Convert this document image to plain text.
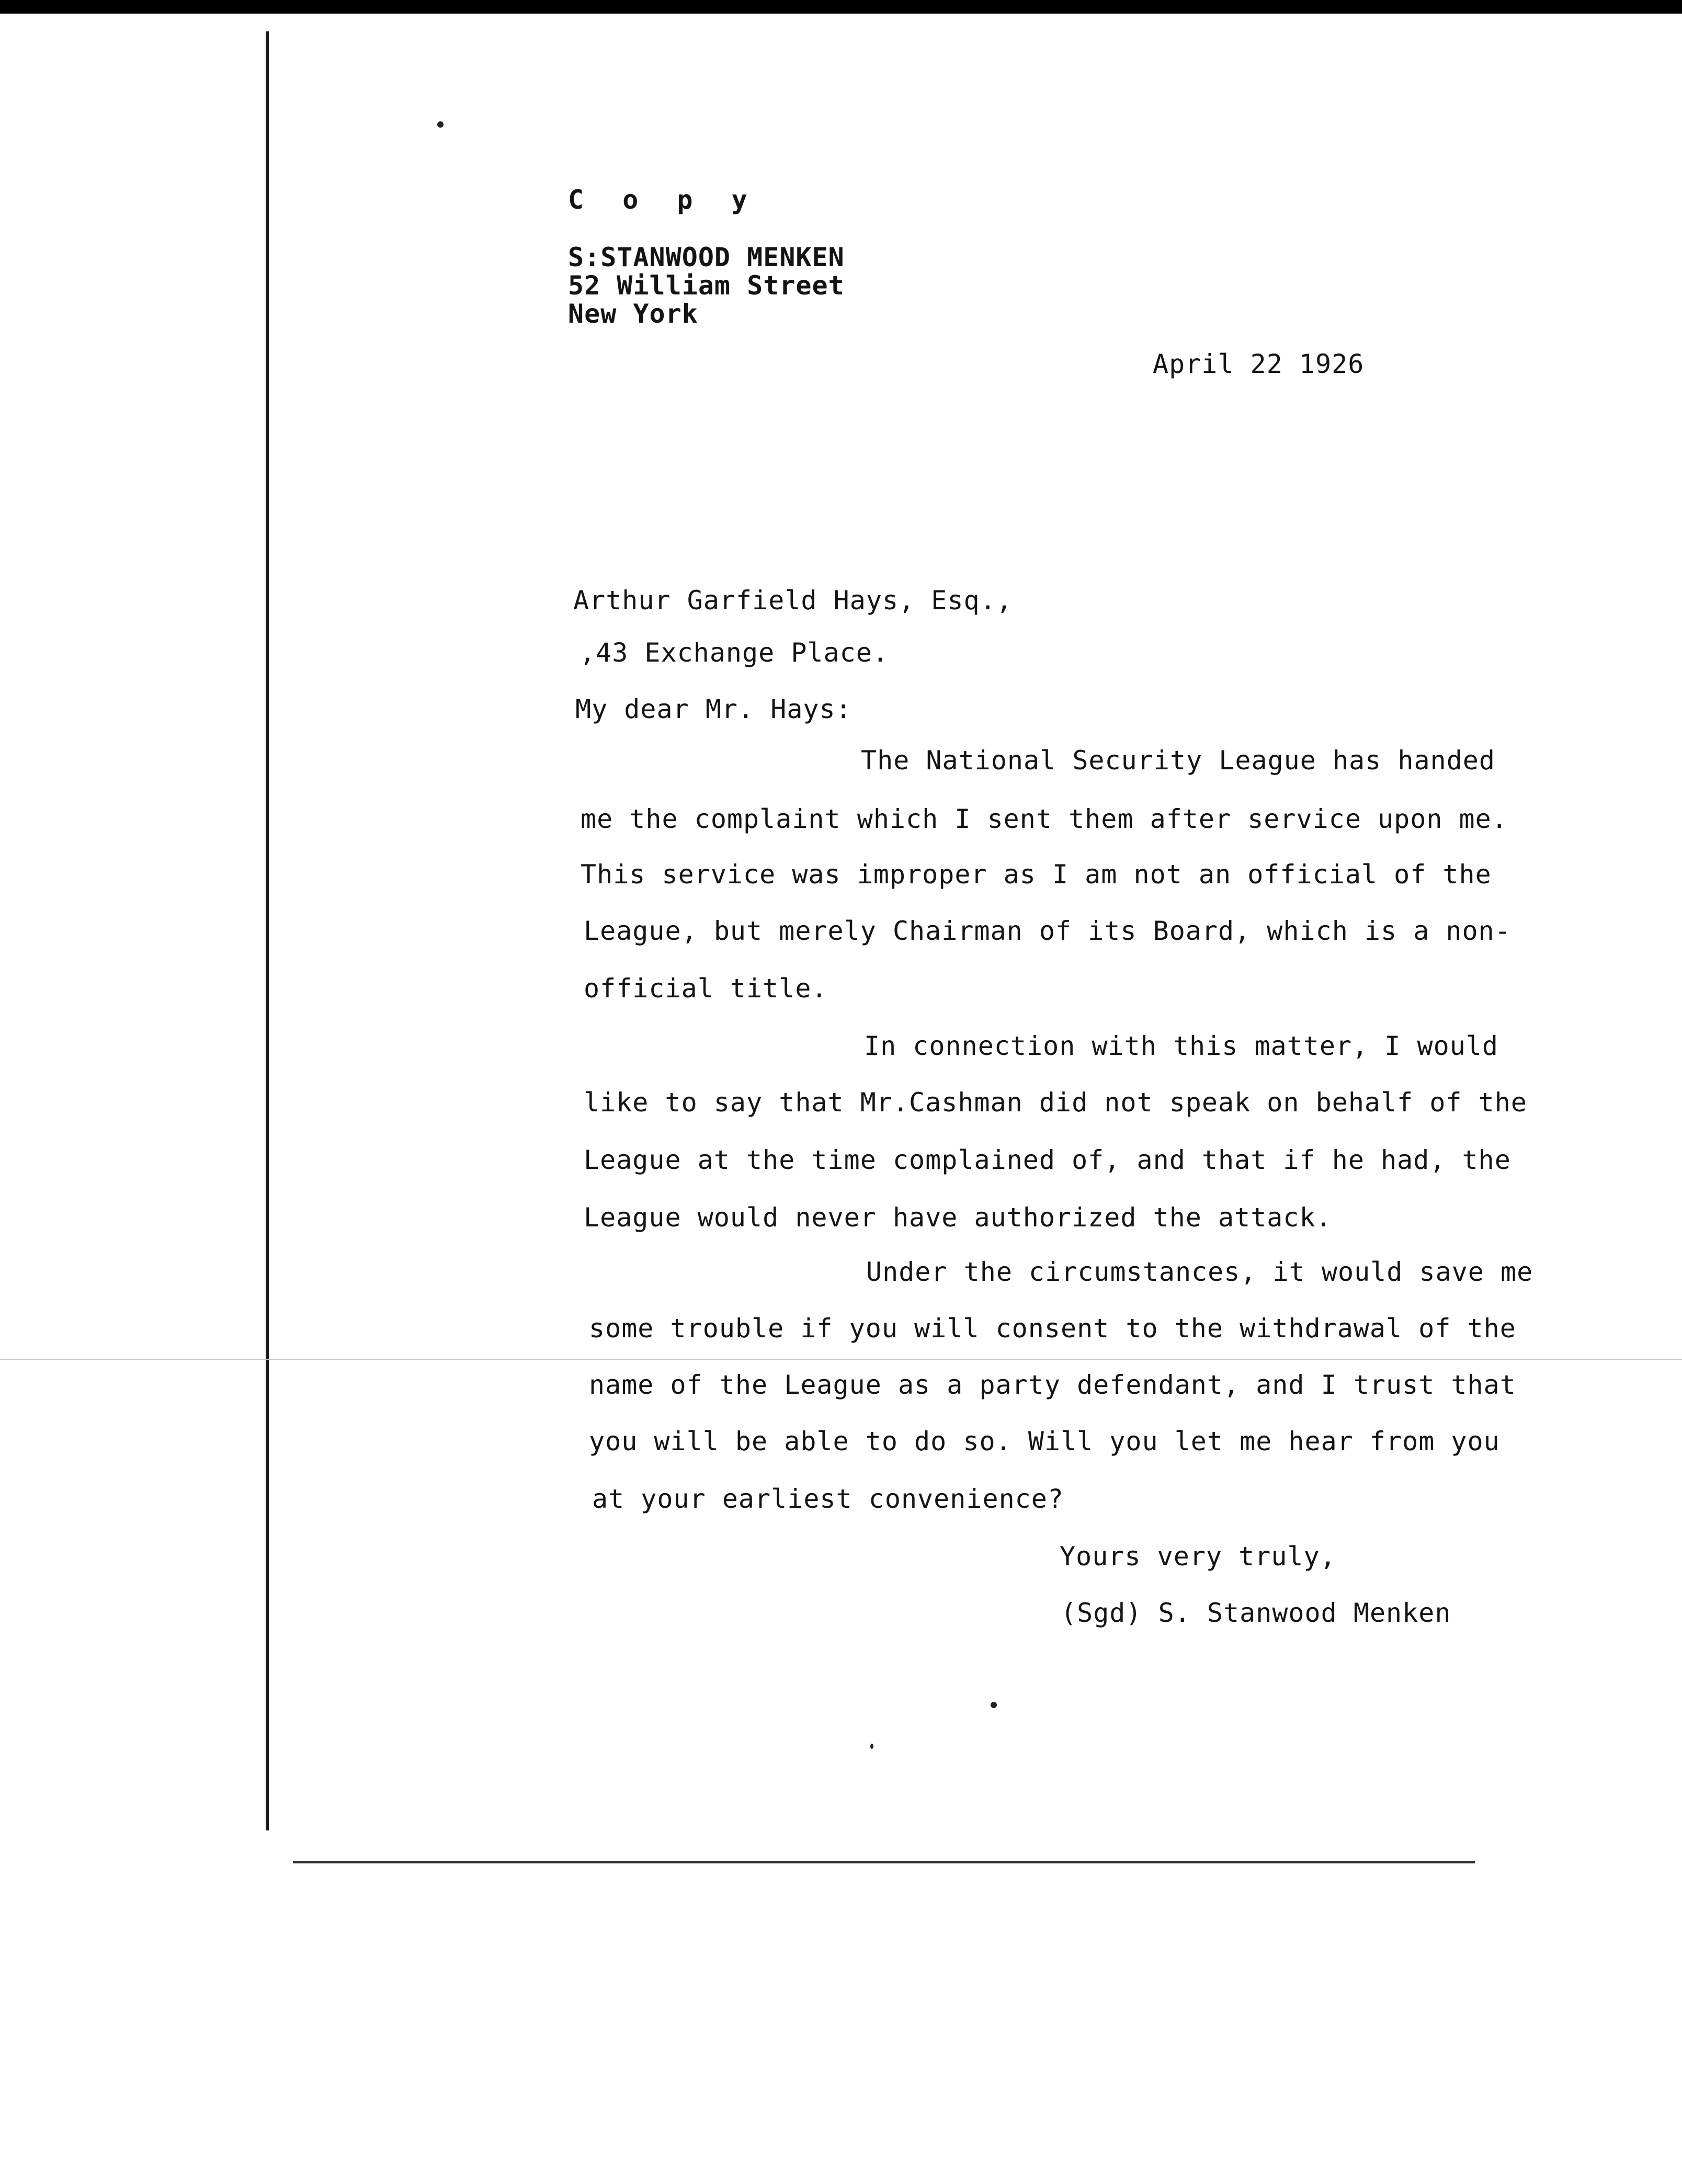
C o p y
S:STANWOOD MENKEN
52 William Street
New York
April 22 1926
Arthur Garfield Hays, Esq.,
,43 Exchange Place.
My dear Mr. Hays:
The National Security League has handed
me the complaint which I sent them after service upon me.
This service was improper as I am not an official of the
League, but merely Chairman of its Board, which is a non-
official title.
In connection with this matter, I would
like to say that Mr.Cashman did not speak on behalf of the
League at the time complained of, and that if he had, the
League would never have authorized the attack.
Under the circumstances, it would save me
some trouble if you will consent to the withdrawal of the
name of the League as a party defendant, and I trust that
you will be able to do so. Will you let me hear from you
at your earliest convenience?
Yours very truly,
(Sgd) S. Stanwood Menken
